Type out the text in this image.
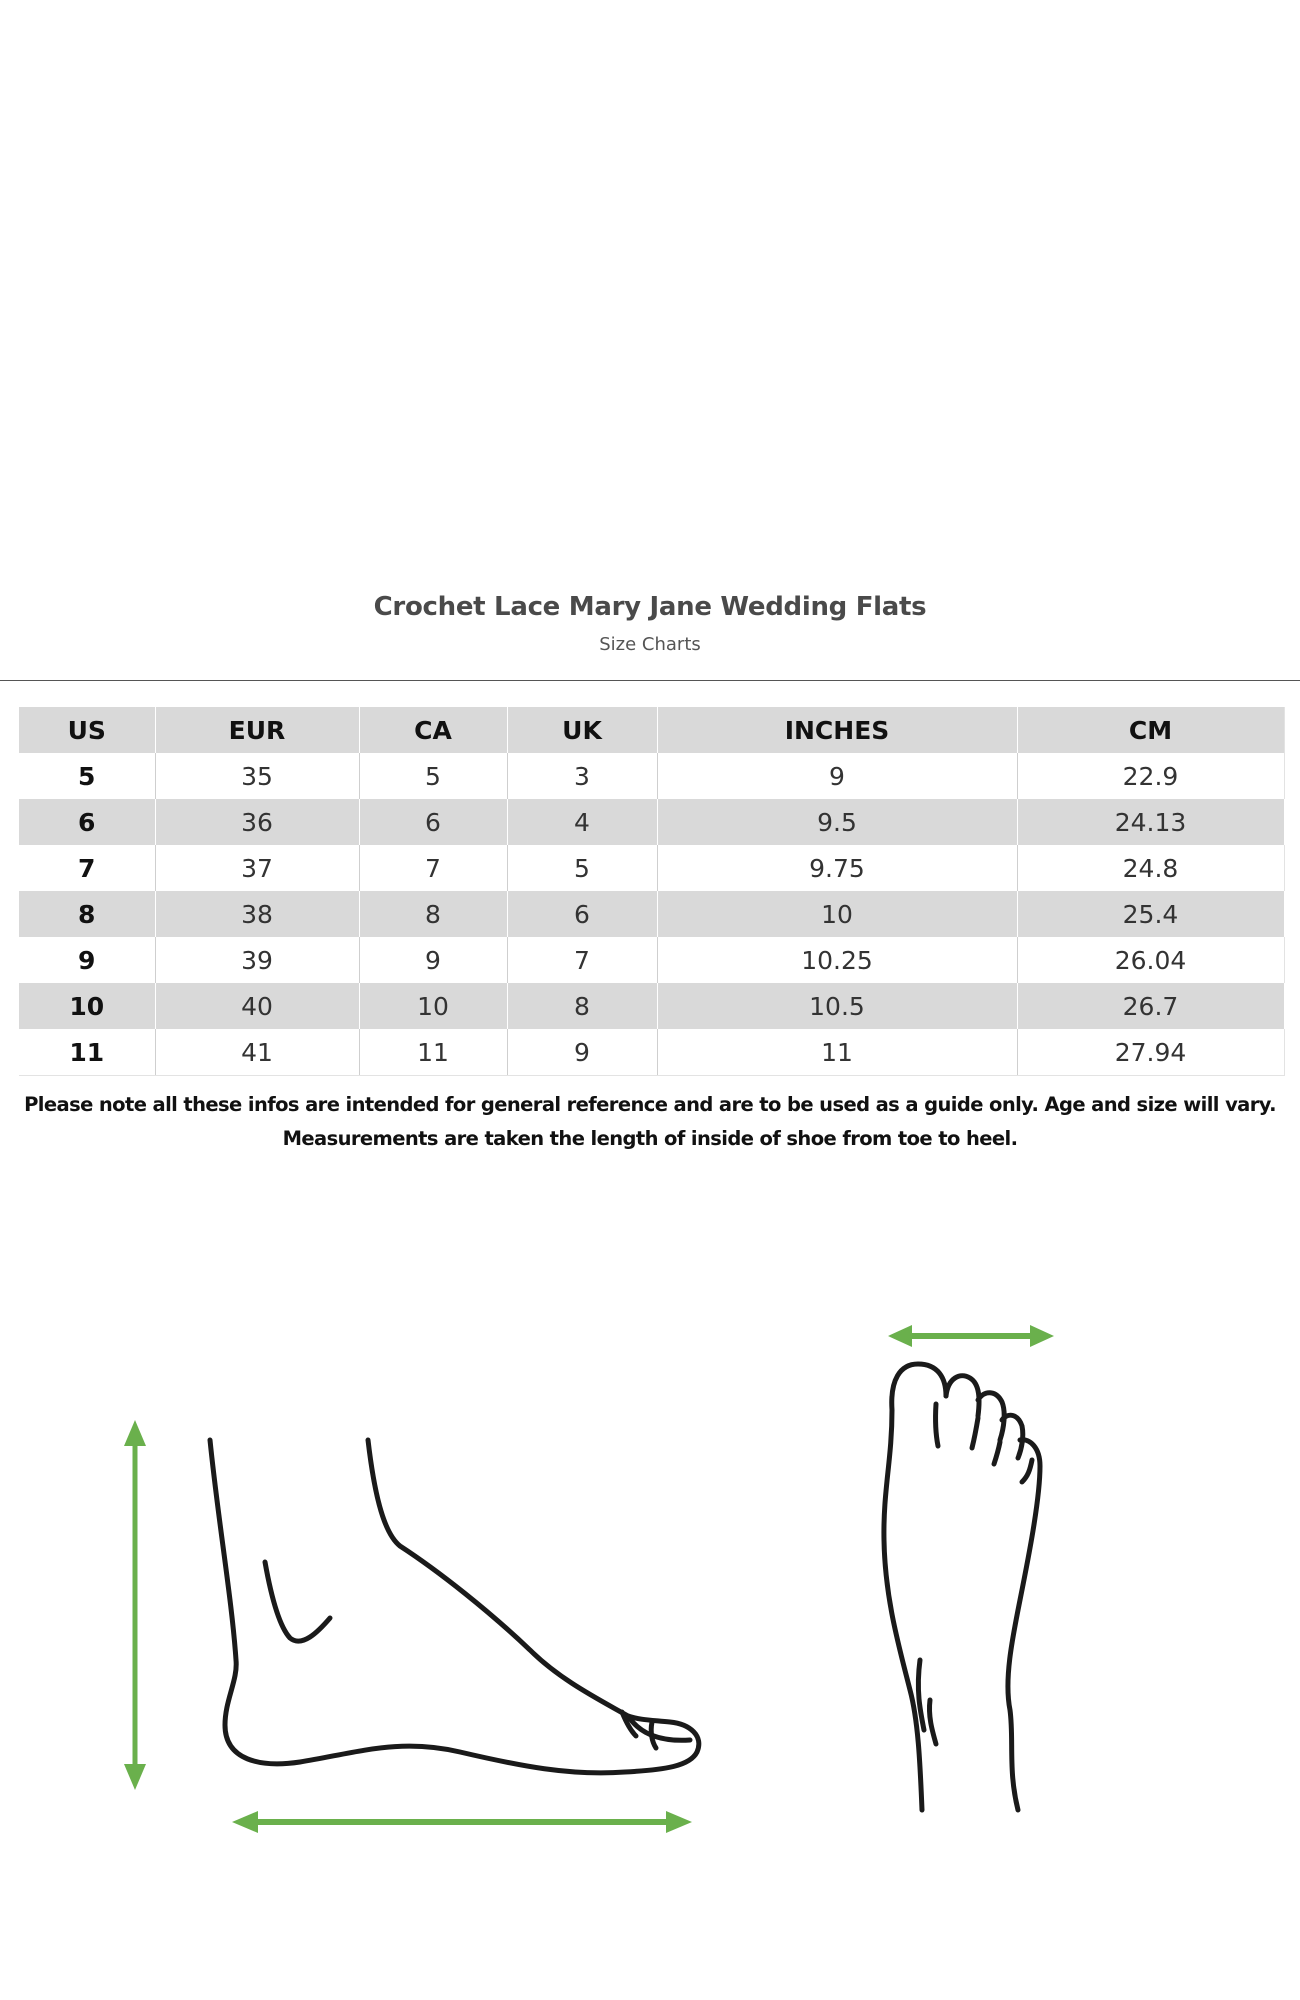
Crochet Lace Mary Jane Wedding Flats
Size Charts
US	EUR	CA	UK	INCHES	CM
5	35	5	3	9	22.9
6	36	6	4	9.5	24.13
7	37	7	5	9.75	24.8
8	38	8	6	10	25.4
9	39	9	7	10.25	26.04
10	40	10	8	10.5	26.7
11	41	11	9	11	27.94
Please note all these infos are intended for general reference and are to be used as a guide only. Age and size will vary.
Measurements are taken the length of inside of shoe from toe to heel.
